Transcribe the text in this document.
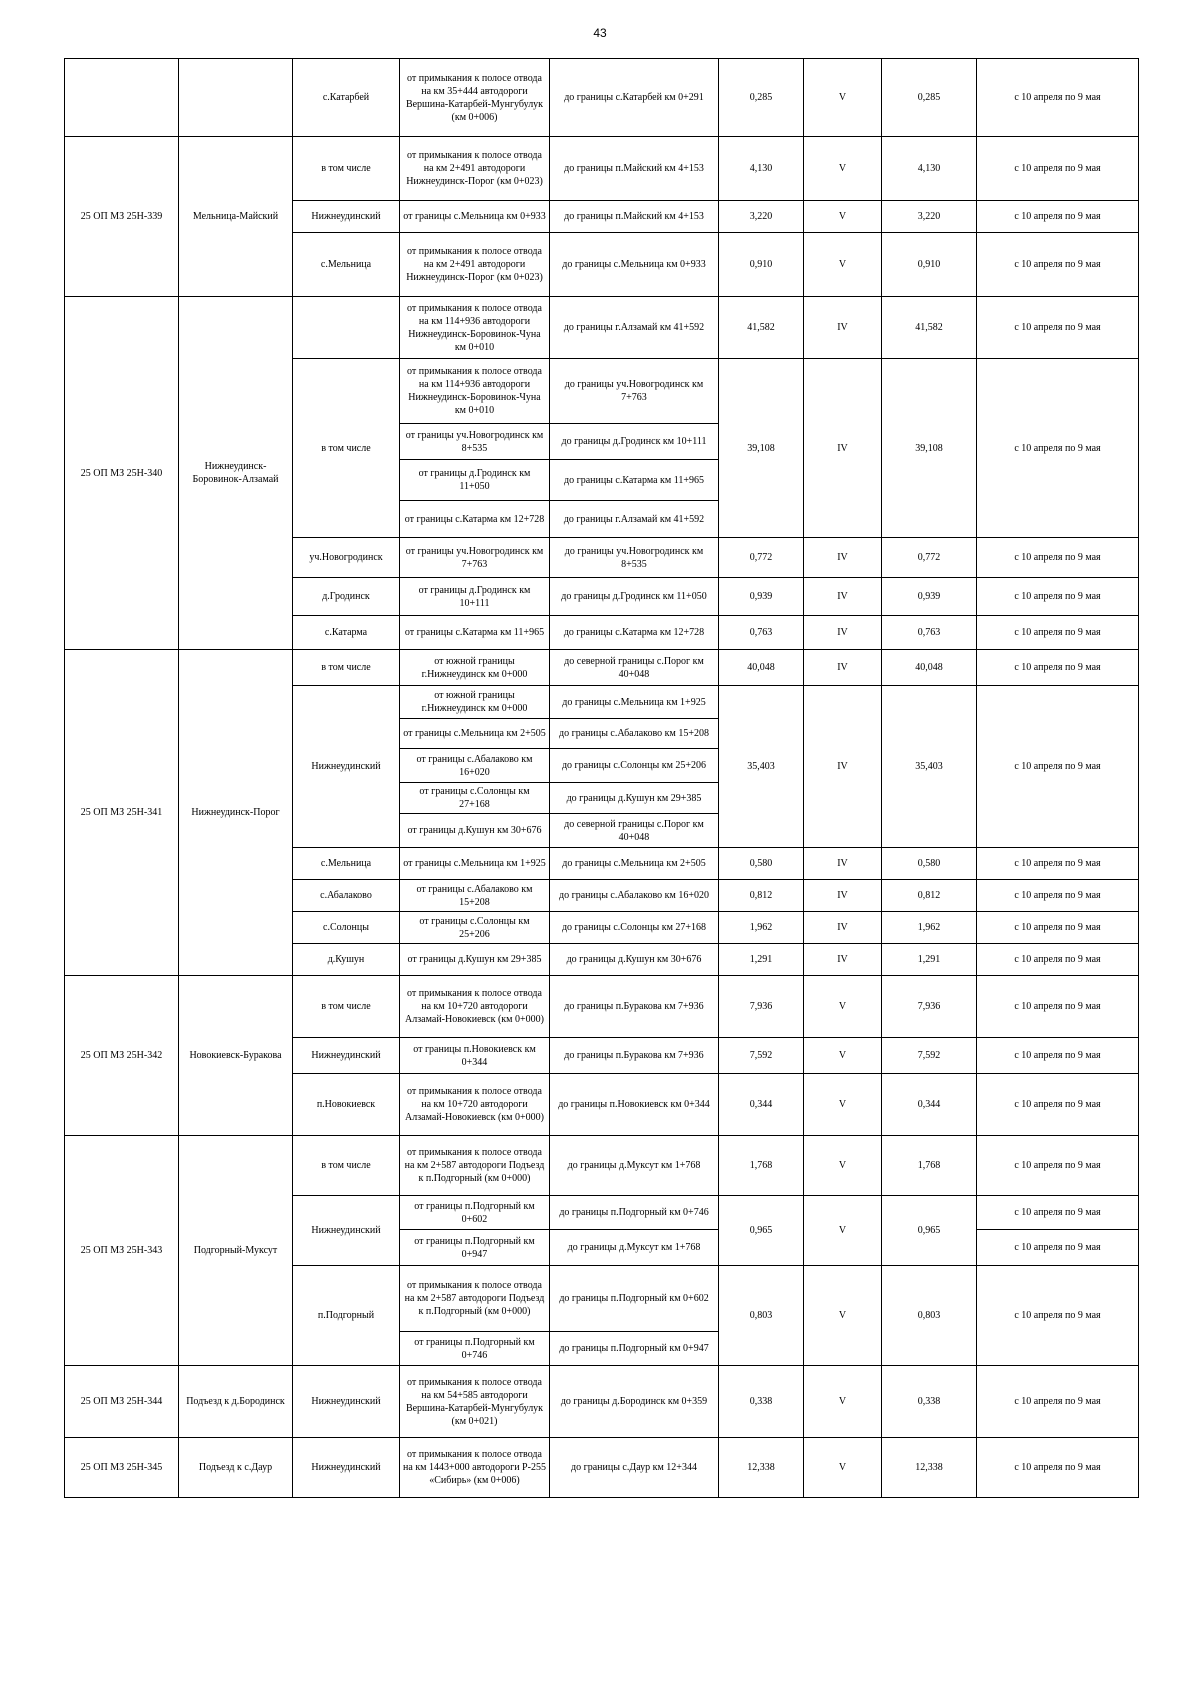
43
		с.Катарбей	от примыкания к полосе отвода на км 35+444 автодороги Вершина-Катарбей-Мунгубулук (км 0+006)	до границы с.Катарбей км 0+291	0,285	V	0,285	с 10 апреля по 9 мая
25 ОП МЗ 25Н-339	Мельница-Майский	в том числе	от примыкания к полосе отвода на км 2+491 автодороги Нижнеудинск-Порог (км 0+023)	до границы п.Майский км 4+153	4,130	V	4,130	с 10 апреля по 9 мая
		Нижнеудинский	от границы с.Мельница км 0+933	до границы п.Майский км 4+153	3,220	V	3,220	с 10 апреля по 9 мая
		с.Мельница	от примыкания к полосе отвода на км 2+491 автодороги Нижнеудинск-Порог (км 0+023)	до границы с.Мельница км 0+933	0,910	V	0,910	с 10 апреля по 9 мая
25 ОП МЗ 25Н-340	Нижнеудинск-Боровинок-Алзамай		от примыкания к полосе отвода на км 114+936 автодороги Нижнеудинск-Боровинок-Чуна км 0+010	до границы г.Алзамай км 41+592	41,582	IV	41,582	с 10 апреля по 9 мая
		в том числе	от примыкания к полосе отвода на км 114+936 автодороги Нижнеудинск-Боровинок-Чуна км 0+010	до границы уч.Новогродинск км 7+763	39,108	IV	39,108	с 10 апреля по 9 мая
			от границы уч.Новогродинск км 8+535	до границы д.Гродинск км 10+111				
			от границы д.Гродинск км 11+050	до границы с.Катарма км 11+965				
			от границы с.Катарма км 12+728	до границы г.Алзамай км 41+592				
		уч.Новогродинск	от границы уч.Новогродинск км 7+763	до границы уч.Новогродинск км 8+535	0,772	IV	0,772	с 10 апреля по 9 мая
		д.Гродинск	от границы д.Гродинск км 10+111	до границы д.Гродинск км 11+050	0,939	IV	0,939	с 10 апреля по 9 мая
		с.Катарма	от границы с.Катарма км 11+965	до границы с.Катарма км 12+728	0,763	IV	0,763	с 10 апреля по 9 мая
25 ОП МЗ 25Н-341	Нижнеудинск-Порог	в том числе	от южной границы г.Нижнеудинск км 0+000	до северной границы с.Порог км 40+048	40,048	IV	40,048	с 10 апреля по 9 мая
		Нижнеудинский	от южной границы г.Нижнеудинск км 0+000	до границы с.Мельница км 1+925	35,403	IV	35,403	с 10 апреля по 9 мая
			от границы с.Мельница км 2+505	до границы с.Абалаково км 15+208				
			от границы с.Абалаково км 16+020	до границы с.Солонцы км 25+206				
			от границы с.Солонцы км 27+168	до границы д.Кушун км 29+385				
			от границы д.Кушун км 30+676	до северной границы с.Порог км 40+048				
		с.Мельница	от границы с.Мельница км 1+925	до границы с.Мельница км 2+505	0,580	IV	0,580	с 10 апреля по 9 мая
		с.Абалаково	от границы с.Абалаково км 15+208	до границы с.Абалаково км 16+020	0,812	IV	0,812	с 10 апреля по 9 мая
		с.Солонцы	от границы с.Солонцы км 25+206	до границы с.Солонцы км 27+168	1,962	IV	1,962	с 10 апреля по 9 мая
		д.Кушун	от границы д.Кушун км 29+385	до границы д.Кушун км 30+676	1,291	IV	1,291	с 10 апреля по 9 мая
25 ОП МЗ 25Н-342	Новокиевск-Буракова	в том числе	от примыкания к полосе отвода на км 10+720 автодороги Алзамай-Новокиевск (км 0+000)	до границы п.Буракова км 7+936	7,936	V	7,936	с 10 апреля по 9 мая
		Нижнеудинский	от границы п.Новокиевск км 0+344	до границы п.Буракова км 7+936	7,592	V	7,592	с 10 апреля по 9 мая
		п.Новокиевск	от примыкания к полосе отвода на км 10+720 автодороги Алзамай-Новокиевск (км 0+000)	до границы п.Новокиевск км 0+344	0,344	V	0,344	с 10 апреля по 9 мая
25 ОП МЗ 25Н-343	Подгорный-Муксут	в том числе	от примыкания к полосе отвода на км 2+587 автодороги Подъезд к п.Подгорный (км 0+000)	до границы д.Муксут км 1+768	1,768	V	1,768	с 10 апреля по 9 мая
		Нижнеудинский	от границы п.Подгорный км 0+602	до границы п.Подгорный км 0+746	0,965	V	0,965	с 10 апреля по 9 мая
			от границы п.Подгорный км 0+947	до границы д.Муксут км 1+768				с 10 апреля по 9 мая
		п.Подгорный	от примыкания к полосе отвода на км 2+587 автодороги Подъезд к п.Подгорный (км 0+000)	до границы п.Подгорный км 0+602	0,803	V	0,803	с 10 апреля по 9 мая
			от границы п.Подгорный км 0+746	до границы п.Подгорный км 0+947				
25 ОП МЗ 25Н-344	Подъезд к д.Бородинск	Нижнеудинский	от примыкания к полосе отвода на км 54+585 автодороги Вершина-Катарбей-Мунгубулук (км 0+021)	до границы д.Бородинск км 0+359	0,338	V	0,338	с 10 апреля по 9 мая
25 ОП МЗ 25Н-345	Подъезд к с.Даур	Нижнеудинский	от примыкания к полосе отвода на км 1443+000 автодороги Р-255 «Сибирь» (км 0+006)	до границы с.Даур км 12+344	12,338	V	12,338	с 10 апреля по 9 мая
